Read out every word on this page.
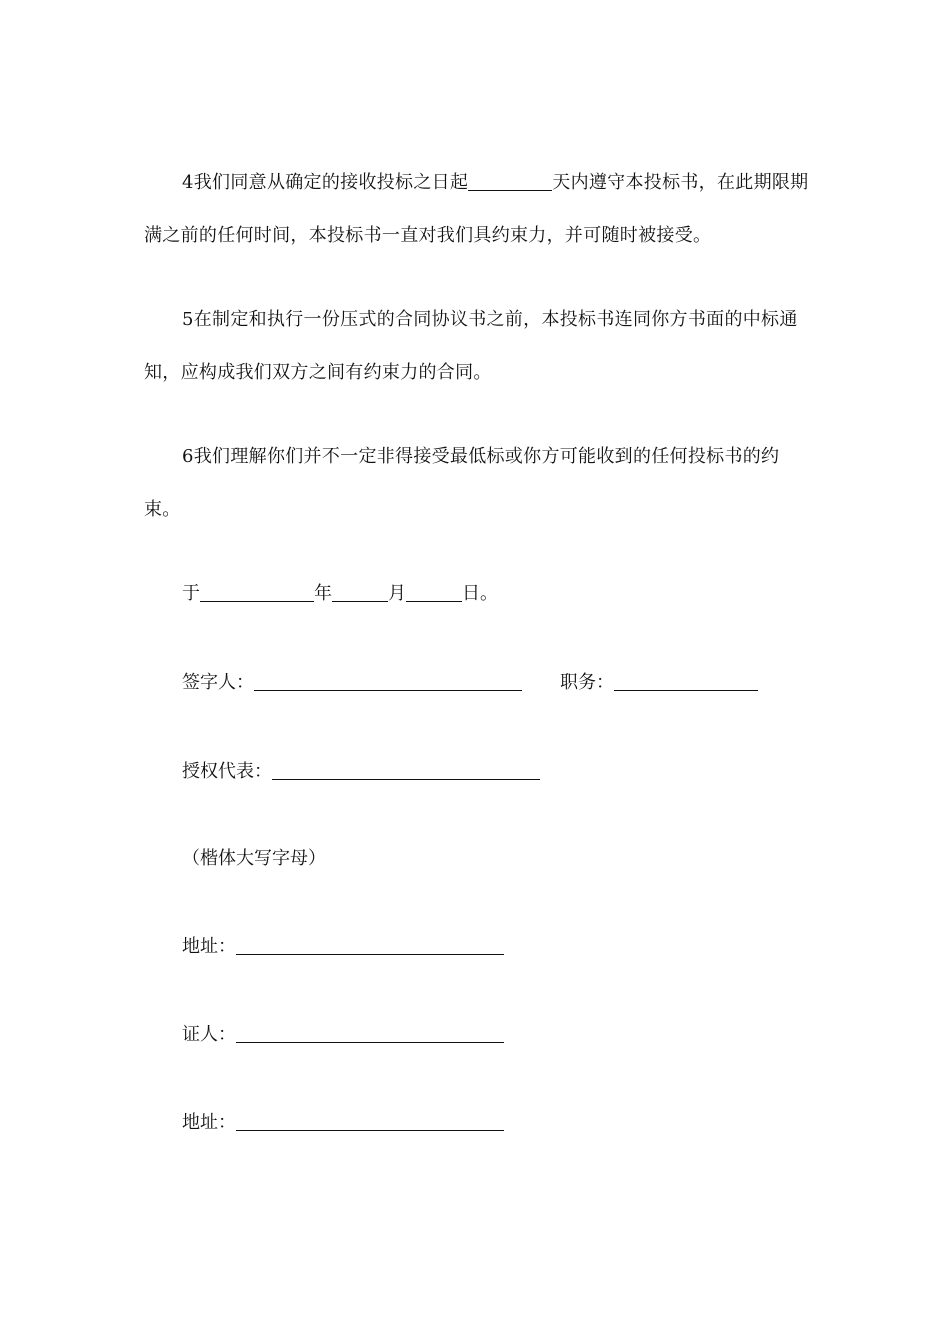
4我们同意从确定的接收投标之日起	天内遵守本投标书，在此期限期满之前的任何时间，本投标书一直对我们具约束力，并可随时被接受。

5在制定和执行一份压式的合同协议书之前，本投标书连同你方书面的中标通知，应构成我们双方之间有约束力的合同。

6我们理解你们并不一定非得接受最低标或你方可能收到的任何投标书的约束。

于	年	月	日。

签字人：	职务：

授权代表：

（楷体大写字母）

地址：

证人：

地址：
